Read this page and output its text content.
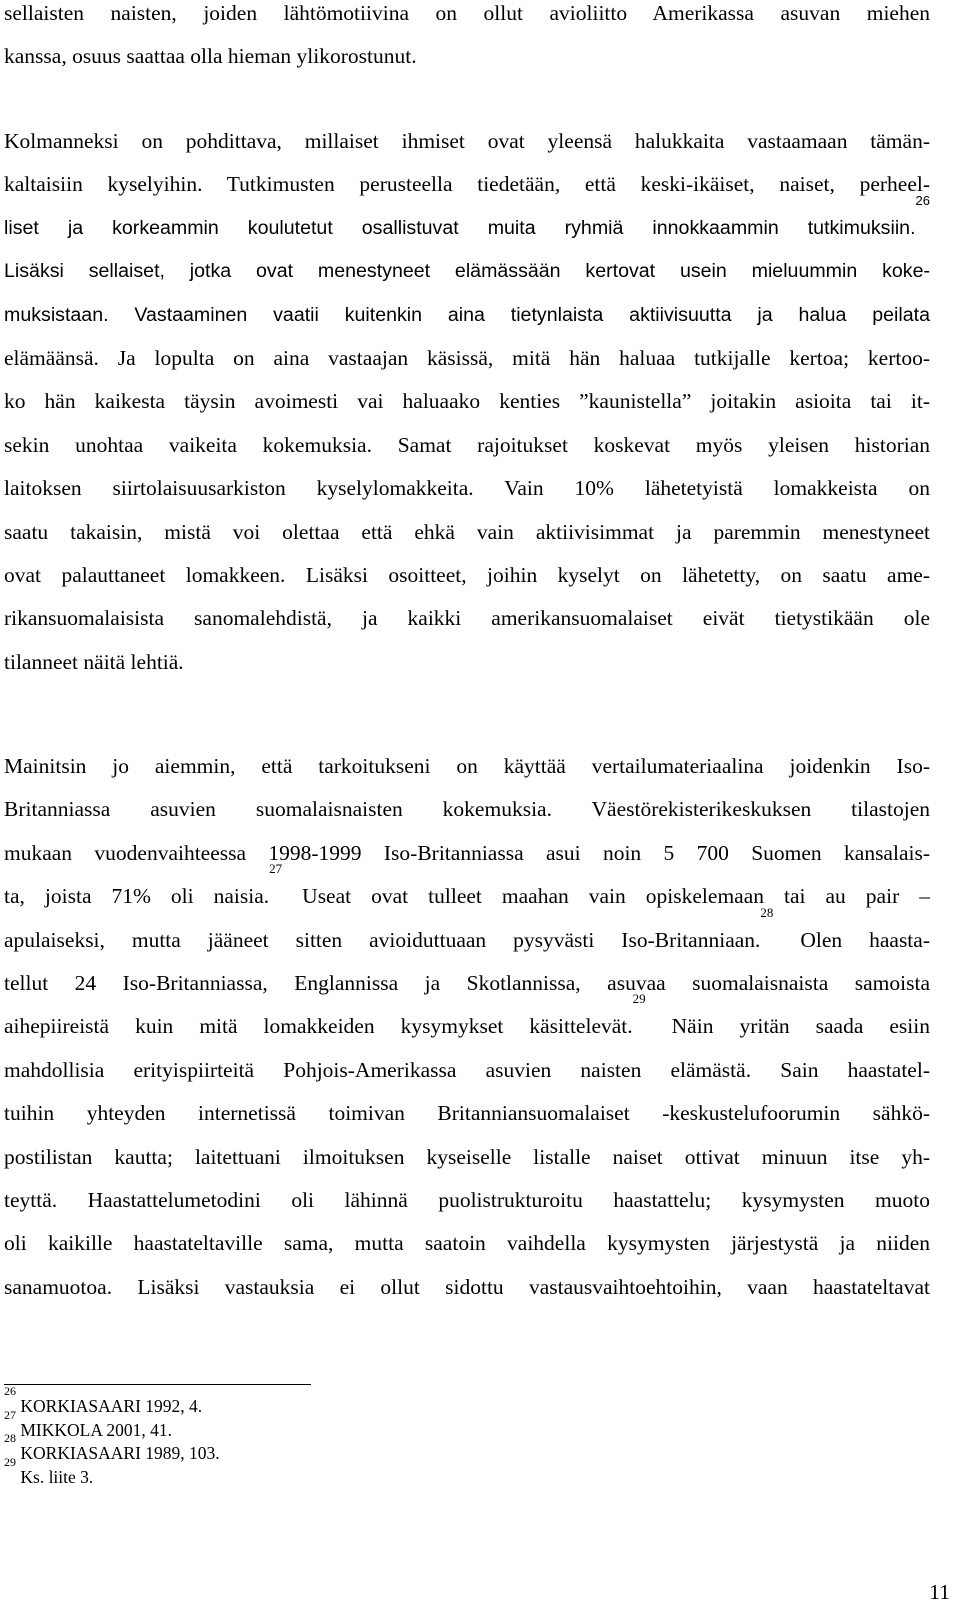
sellaisten naisten, joiden lähtömotiivina on ollut avioliitto Amerikassa asuvan miehen
kanssa, osuus saattaa olla hieman ylikorostunut.
Kolmanneksi on pohdittava, millaiset ihmiset ovat yleensä halukkaita vastaamaan tämän-
kaltaisiin kyselyihin. Tutkimusten perusteella tiedetään, että keski-ikäiset, naiset, perheel-
liset ja korkeammin koulutetut osallistuvat muita ryhmiä innokkaammin tutkimuksiin.$^{26}$
Lisäksi sellaiset, jotka ovat menestyneet elämässään kertovat usein mieluummin koke-
muksistaan. Vastaaminen vaatii kuitenkin aina tietynlaista aktiivisuutta ja halua peilata
elämäänsä. Ja lopulta on aina vastaajan käsissä, mitä hän haluaa tutkijalle kertoa; kertoo-
ko hän kaikesta täysin avoimesti vai haluaako kenties ”kaunistella” joitakin asioita tai it-
sekin unohtaa vaikeita kokemuksia. Samat rajoitukset koskevat myös yleisen historian
laitoksen siirtolaisuusarkiston kyselylomakkeita. Vain 10% lähetetyistä lomakkeista on
saatu takaisin, mistä voi olettaa että ehkä vain aktiivisimmat ja paremmin menestyneet
ovat palauttaneet lomakkeen. Lisäksi osoitteet, joihin kyselyt on lähetetty, on saatu ame-
rikansuomalaisista sanomalehdistä, ja kaikki amerikansuomalaiset eivät tietystikään ole
tilanneet näitä lehtiä.
Mainitsin jo aiemmin, että tarkoitukseni on käyttää vertailumateriaalina joidenkin Iso-
Britanniassa asuvien suomalaisnaisten kokemuksia. Väestörekisterikeskuksen tilastojen
mukaan vuodenvaihteessa 1998-1999 Iso-Britanniassa asui noin 5 700 Suomen kansalais-
ta, joista 71% oli naisia.$^{27}$ Useat ovat tulleet maahan vain opiskelemaan tai au pair –
apulaiseksi, mutta jääneet sitten avioiduttuaan pysyvästi Iso-Britanniaan.$^{28}$ Olen haasta-
tellut 24 Iso-Britanniassa, Englannissa ja Skotlannissa, asuvaa suomalaisnaista samoista
aihepiireistä kuin mitä lomakkeiden kysymykset käsittelevät.$^{29}$ Näin yritän saada esiin
mahdollisia erityispiirteitä Pohjois-Amerikassa asuvien naisten elämästä. Sain haastatel-
tuihin yhteyden internetissä toimivan Britanniansuomalaiset -keskustelufoorumin sähkö-
postilistan kautta; laitettuani ilmoituksen kyseiselle listalle naiset ottivat minuun itse yh-
teyttä. Haastattelumetodini oli lähinnä puolistrukturoitu haastattelu; kysymysten muoto
oli kaikille haastateltaville sama, mutta saatoin vaihdella kysymysten järjestystä ja niiden
sanamuotoa. Lisäksi vastauksia ei ollut sidottu vastausvaihtoehtoihin, vaan haastateltavat
$^{26}$ KORKIASAARI 1992, 4.
$^{27}$ MIKKOLA 2001, 41.
$^{28}$ KORKIASAARI 1989, 103.
$^{29}$ Ks. liite 3.
11
